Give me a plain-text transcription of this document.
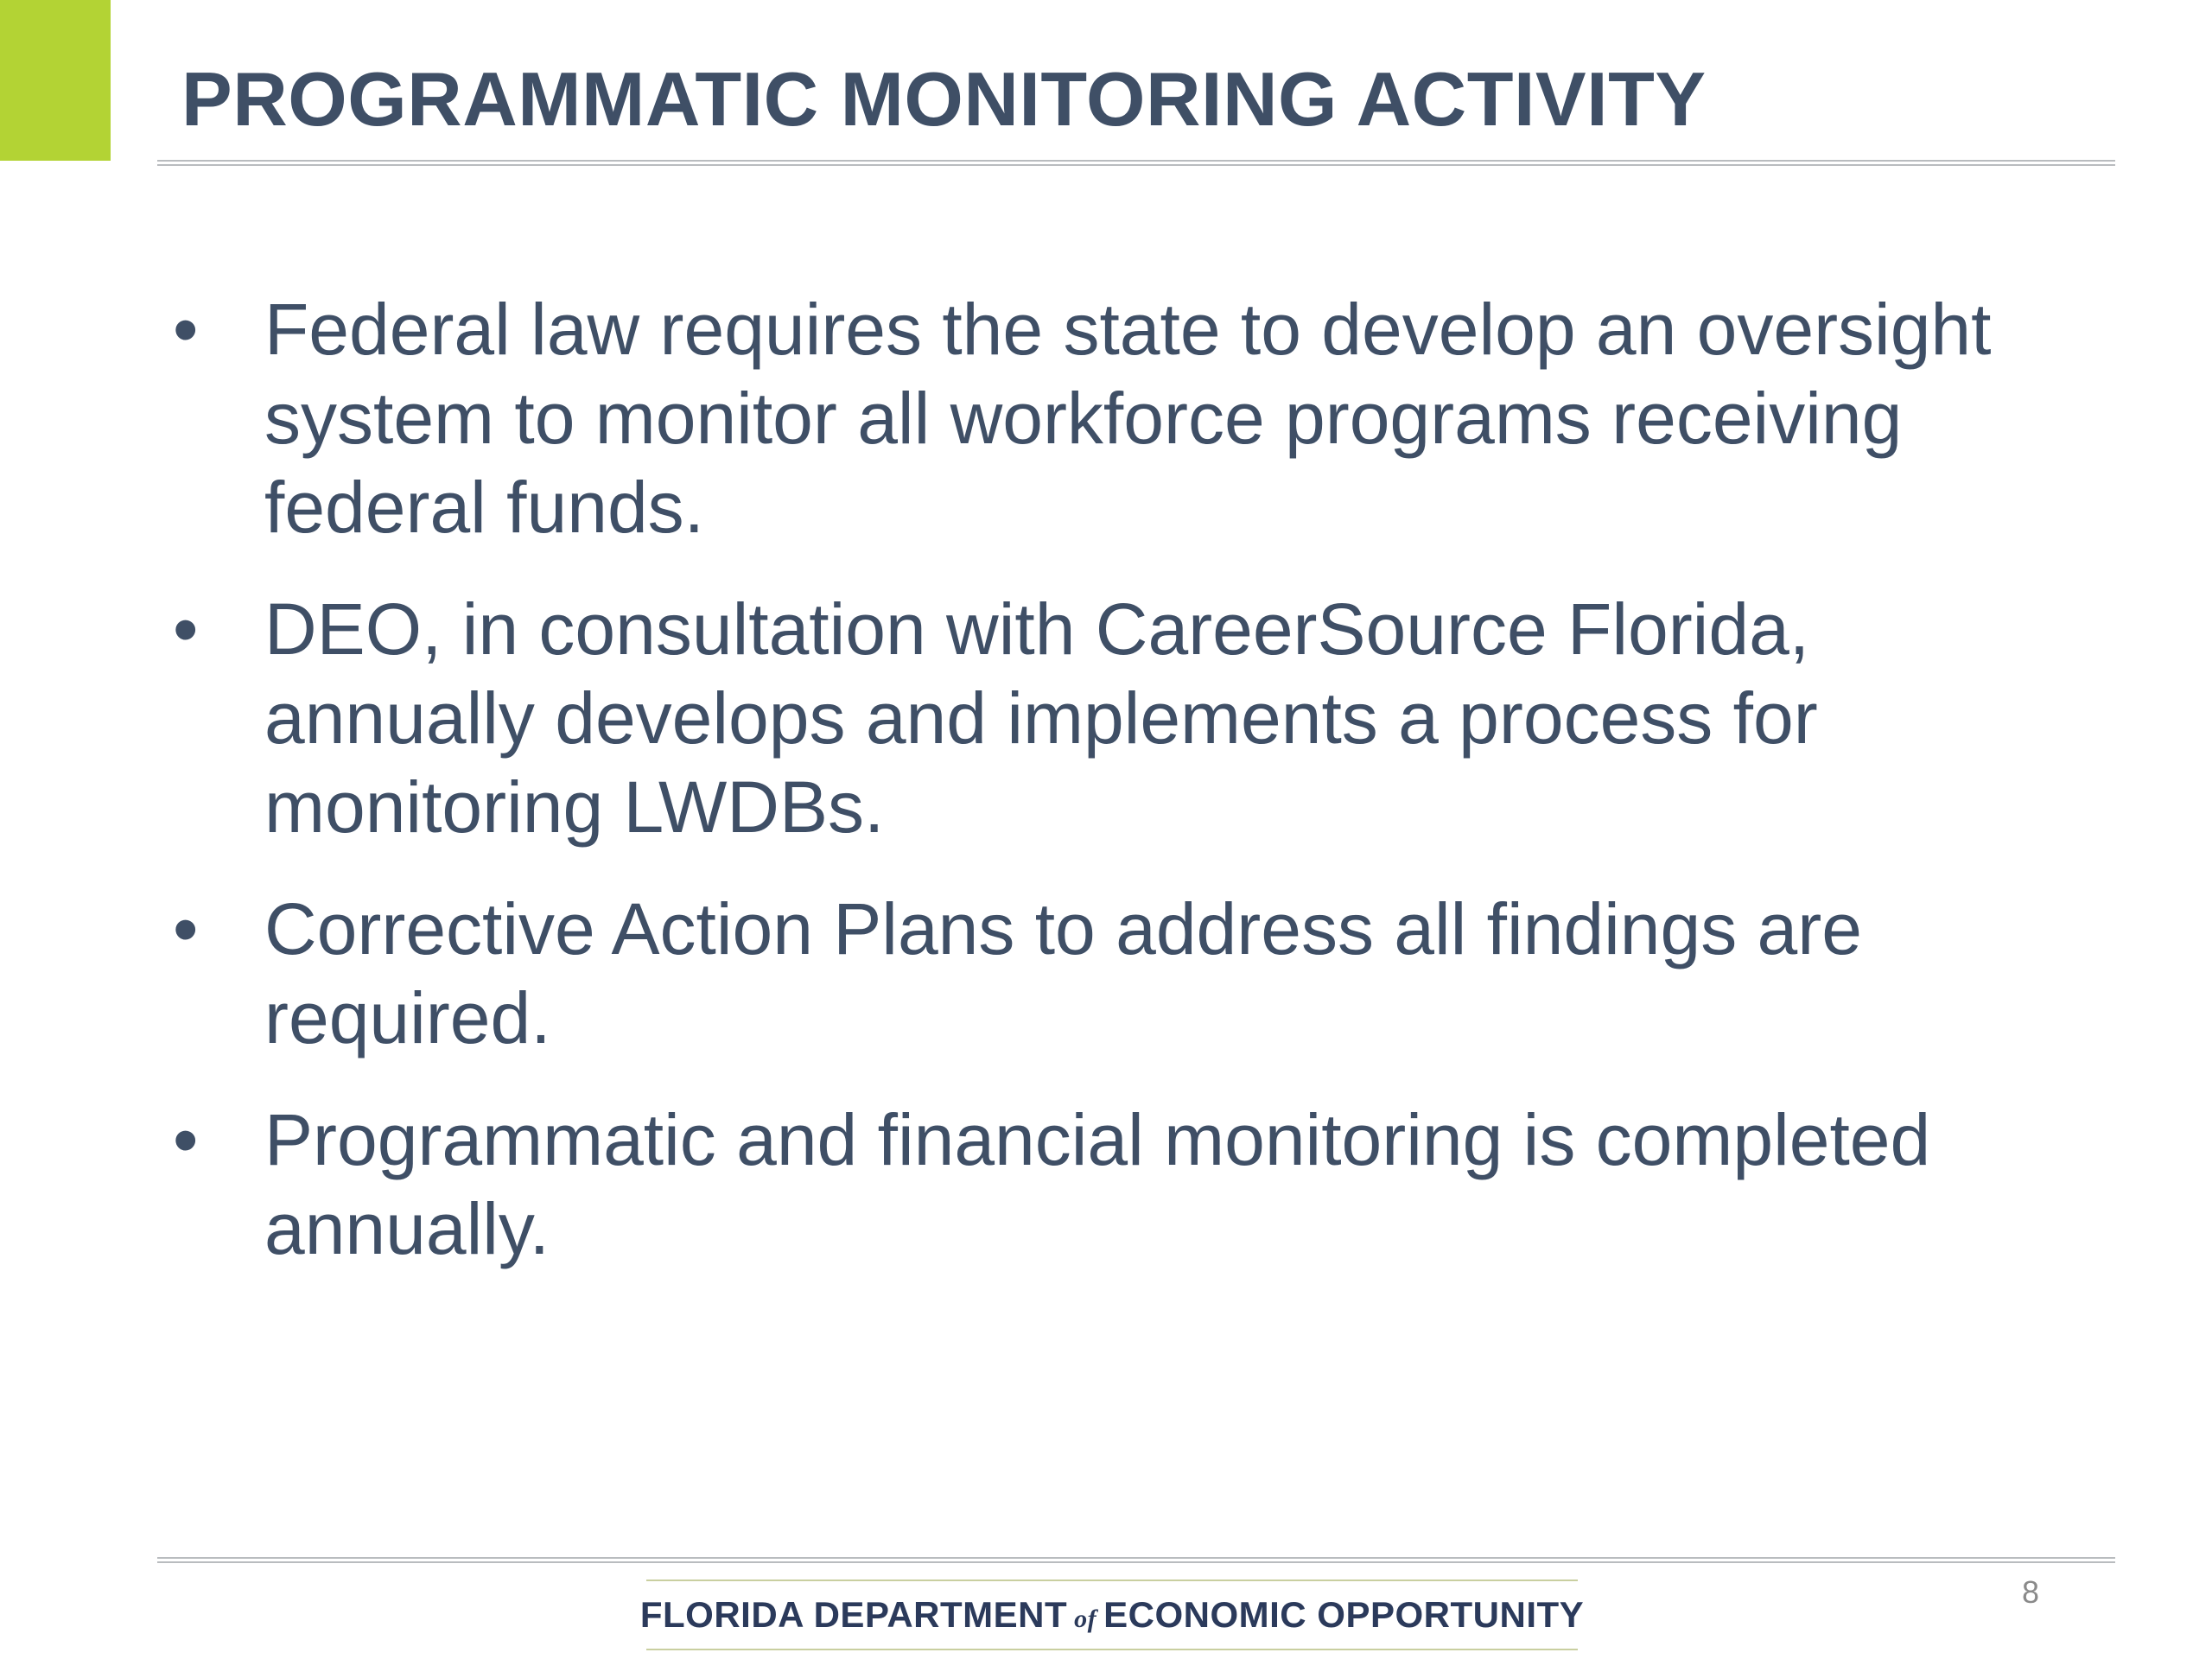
PROGRAMMATIC MONITORING ACTIVITY
• Federal law requires the state to develop an oversight system to monitor all workforce programs receiving federal funds.
• DEO, in consultation with CareerSource Florida, annually develops and implements a process for monitoring LWDBs.
• Corrective Action Plans to address all findings are required.
• Programmatic and financial monitoring is completed annually.
FLORIDA DEPARTMENT of ECONOMIC OPPORTUNITY
8
